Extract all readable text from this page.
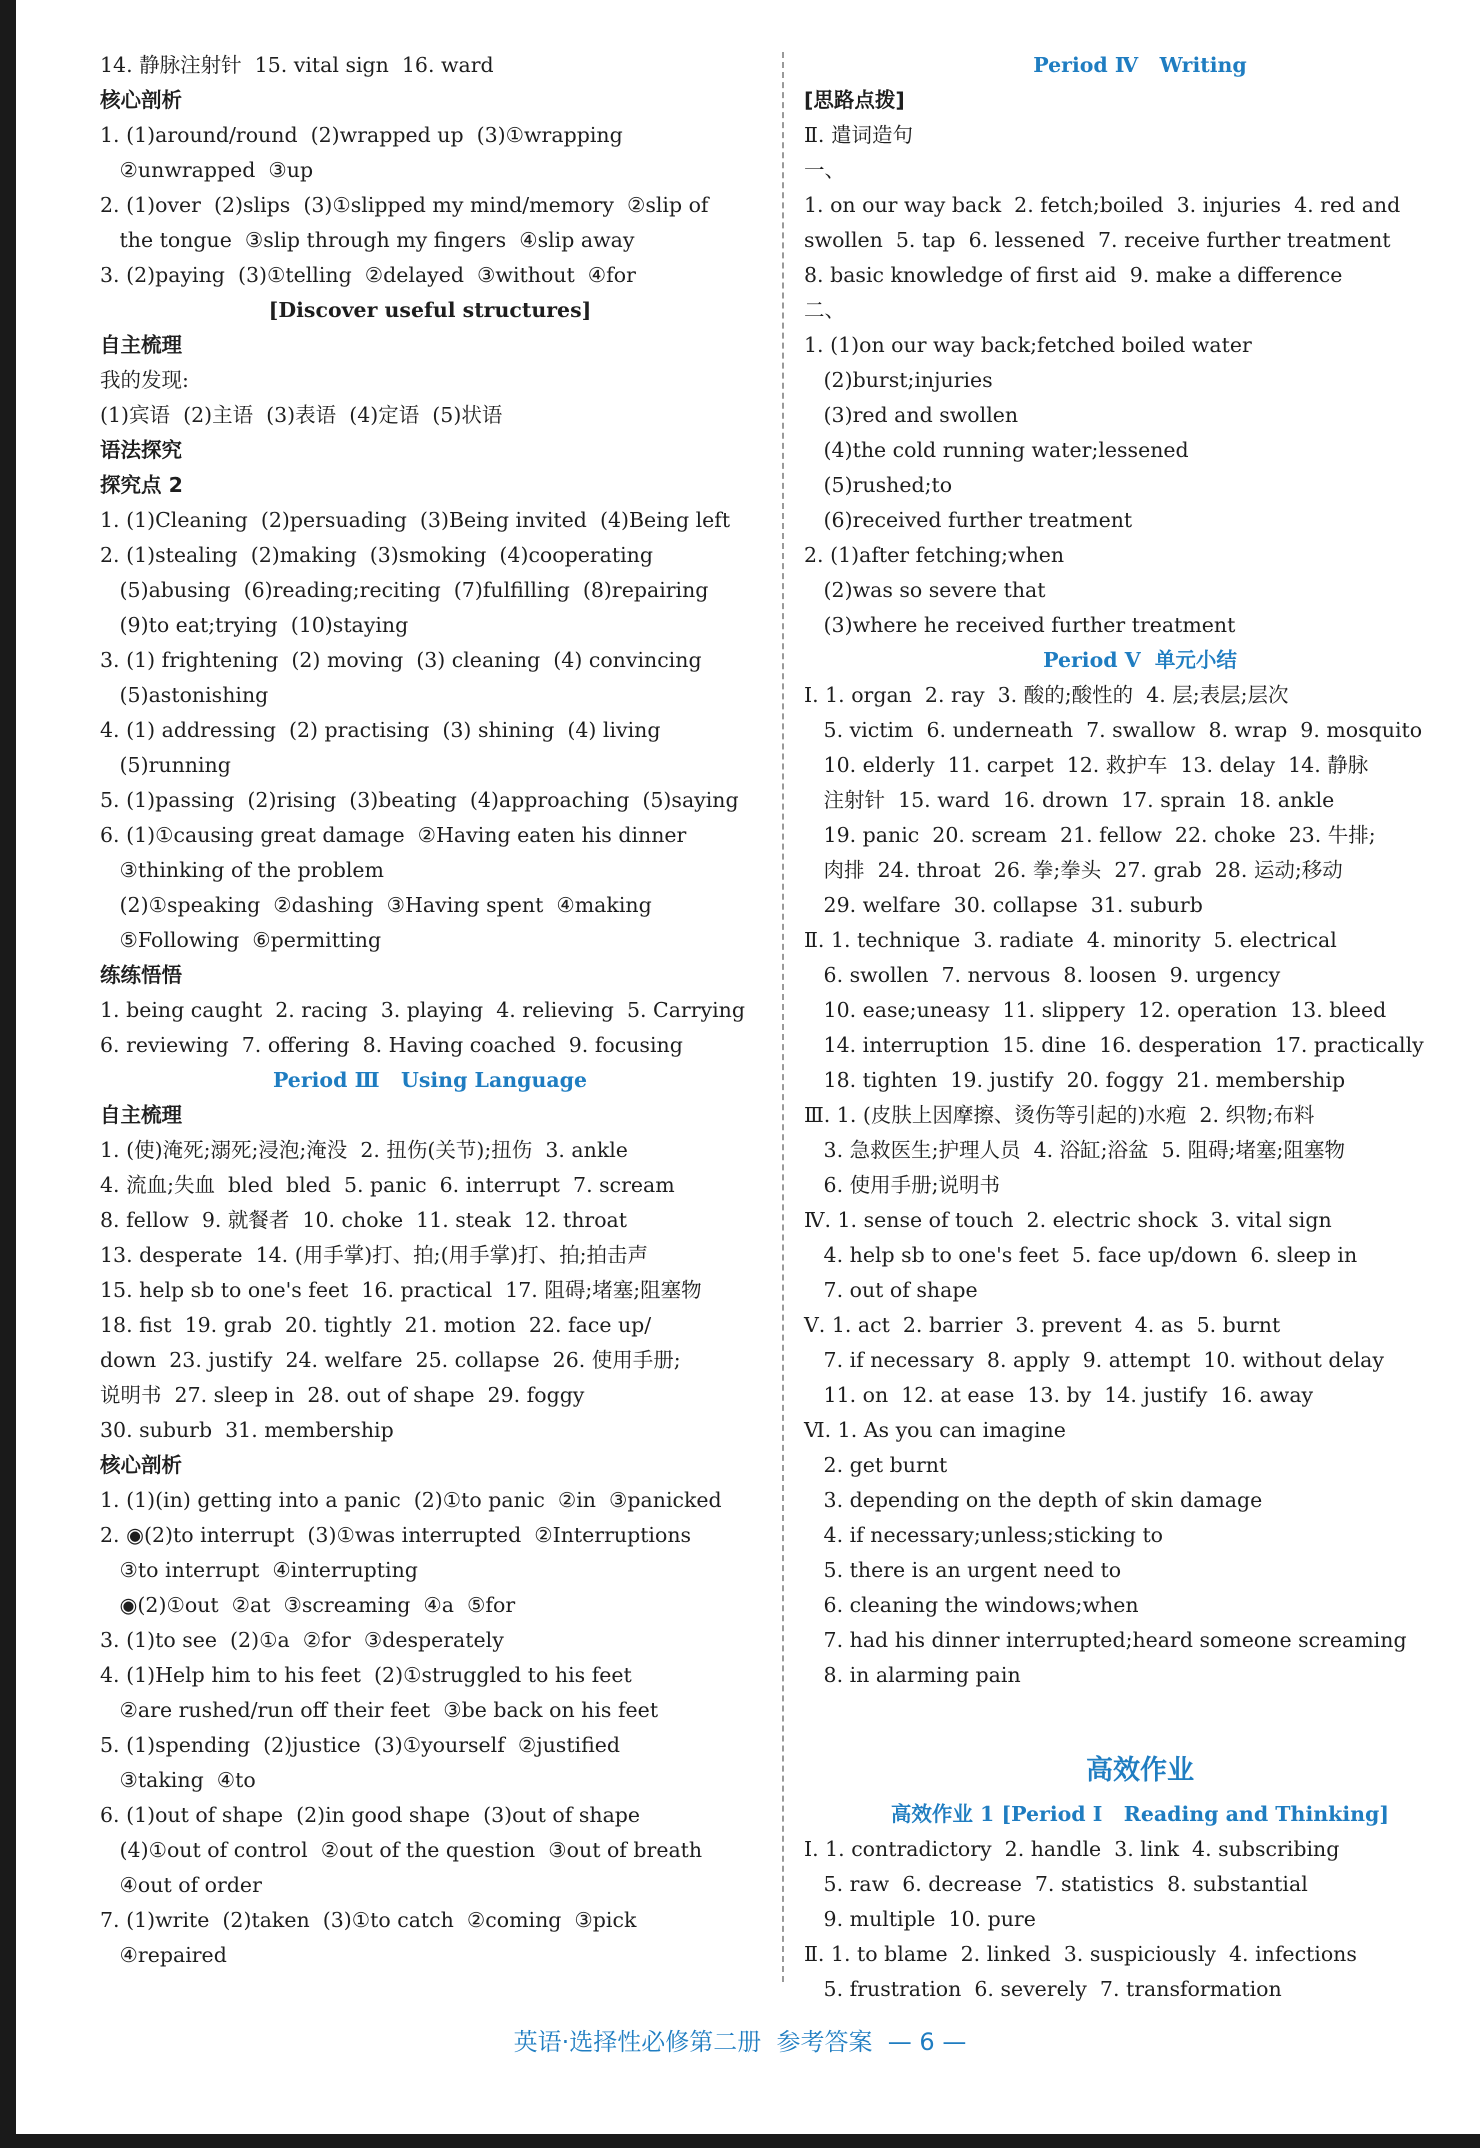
14. 静脉注射针  15. vital sign  16. ward
核心剖析
1. (1)around/round  (2)wrapped up  (3)①wrapping
②unwrapped  ③up
2. (1)over  (2)slips  (3)①slipped my mind/memory  ②slip of
the tongue  ③slip through my fingers  ④slip away
3. (2)paying  (3)①telling  ②delayed  ③without  ④for
[Discover useful structures]
自主梳理
我的发现:
(1)宾语  (2)主语  (3)表语  (4)定语  (5)状语
语法探究
探究点 2
1. (1)Cleaning  (2)persuading  (3)Being invited  (4)Being left
2. (1)stealing  (2)making  (3)smoking  (4)cooperating
(5)abusing  (6)reading;reciting  (7)fulfilling  (8)repairing
(9)to eat;trying  (10)staying
3. (1) frightening  (2) moving  (3) cleaning  (4) convincing
(5)astonishing
4. (1) addressing  (2) practising  (3) shining  (4) living
(5)running
5. (1)passing  (2)rising  (3)beating  (4)approaching  (5)saying
6. (1)①causing great damage  ②Having eaten his dinner
③thinking of the problem
(2)①speaking  ②dashing  ③Having spent  ④making
⑤Following  ⑥permitting
练练悟悟
1. being caught  2. racing  3. playing  4. relieving  5. Carrying
6. reviewing  7. offering  8. Having coached  9. focusing
Period Ⅲ   Using Language
自主梳理
1. (使)淹死;溺死;浸泡;淹没  2. 扭伤(关节);扭伤  3. ankle
4. 流血;失血  bled  bled  5. panic  6. interrupt  7. scream
8. fellow  9. 就餐者  10. choke  11. steak  12. throat
13. desperate  14. (用手掌)打、拍;(用手掌)打、拍;拍击声
15. help sb to one's feet  16. practical  17. 阻碍;堵塞;阻塞物
18. fist  19. grab  20. tightly  21. motion  22. face up/
down  23. justify  24. welfare  25. collapse  26. 使用手册;
说明书  27. sleep in  28. out of shape  29. foggy
30. suburb  31. membership
核心剖析
1. (1)(in) getting into a panic  (2)①to panic  ②in  ③panicked
2. ◉(2)to interrupt  (3)①was interrupted  ②Interruptions
③to interrupt  ④interrupting
◉(2)①out  ②at  ③screaming  ④a  ⑤for
3. (1)to see  (2)①a  ②for  ③desperately
4. (1)Help him to his feet  (2)①struggled to his feet
②are rushed/run off their feet  ③be back on his feet
5. (1)spending  (2)justice  (3)①yourself  ②justified
③taking  ④to
6. (1)out of shape  (2)in good shape  (3)out of shape
(4)①out of control  ②out of the question  ③out of breath
④out of order
7. (1)write  (2)taken  (3)①to catch  ②coming  ③pick
④repaired
Period Ⅳ   Writing
[思路点拨]
Ⅱ. 遣词造句
一、
1. on our way back  2. fetch;boiled  3. injuries  4. red and
swollen  5. tap  6. lessened  7. receive further treatment
8. basic knowledge of first aid  9. make a difference
二、
1. (1)on our way back;fetched boiled water
(2)burst;injuries
(3)red and swollen
(4)the cold running water;lessened
(5)rushed;to
(6)received further treatment
2. (1)after fetching;when
(2)was so severe that
(3)where he received further treatment
Period Ⅴ  单元小结
Ⅰ. 1. organ  2. ray  3. 酸的;酸性的  4. 层;表层;层次
5. victim  6. underneath  7. swallow  8. wrap  9. mosquito
10. elderly  11. carpet  12. 救护车  13. delay  14. 静脉
注射针  15. ward  16. drown  17. sprain  18. ankle
19. panic  20. scream  21. fellow  22. choke  23. 牛排;
肉排  24. throat  26. 拳;拳头  27. grab  28. 运动;移动
29. welfare  30. collapse  31. suburb
Ⅱ. 1. technique  3. radiate  4. minority  5. electrical
6. swollen  7. nervous  8. loosen  9. urgency
10. ease;uneasy  11. slippery  12. operation  13. bleed
14. interruption  15. dine  16. desperation  17. practically
18. tighten  19. justify  20. foggy  21. membership
Ⅲ. 1. (皮肤上因摩擦、烫伤等引起的)水疱  2. 织物;布料
3. 急救医生;护理人员  4. 浴缸;浴盆  5. 阻碍;堵塞;阻塞物
6. 使用手册;说明书
Ⅳ. 1. sense of touch  2. electric shock  3. vital sign
4. help sb to one's feet  5. face up/down  6. sleep in
7. out of shape
Ⅴ. 1. act  2. barrier  3. prevent  4. as  5. burnt
7. if necessary  8. apply  9. attempt  10. without delay
11. on  12. at ease  13. by  14. justify  16. away
Ⅵ. 1. As you can imagine
2. get burnt
3. depending on the depth of skin damage
4. if necessary;unless;sticking to
5. there is an urgent need to
6. cleaning the windows;when
7. had his dinner interrupted;heard someone screaming
8. in alarming pain
高效作业
高效作业 1 [Period Ⅰ   Reading and Thinking]
Ⅰ. 1. contradictory  2. handle  3. link  4. subscribing
5. raw  6. decrease  7. statistics  8. substantial
9. multiple  10. pure
Ⅱ. 1. to blame  2. linked  3. suspiciously  4. infections
5. frustration  6. severely  7. transformation
英语·选择性必修第二册  参考答案  — 6 —
